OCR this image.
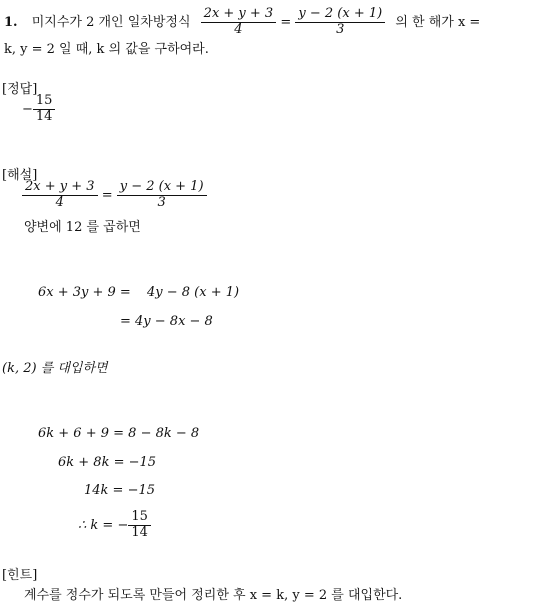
1. 미지수가 2 개인 일차방정식 $\frac{2x + y + 3}{4} = \frac{y - 2 (x + 1)}{3}$ 의 한 해가 x =
k, y = 2 일 때, k 의 값을 구하여라.
[정답]
− $\frac{15}{14}$
[해설]
$\frac{2x + y + 3}{4} = \frac{y - 2 (x + 1)}{3}$
양변에 12 를 곱하면
6x + 3y + 9 = 4y − 8 (x + 1)
= 4y − 8x − 8
(k, 2) 를 대입하면
6k + 6 + 9 = 8 − 8k − 8
6k + 8k = −15
14k = −15
∴ k = − $\frac{15}{14}$
[힌트]
계수를 정수가 되도록 만들어 정리한 후 x = k, y = 2 를 대입한다.
